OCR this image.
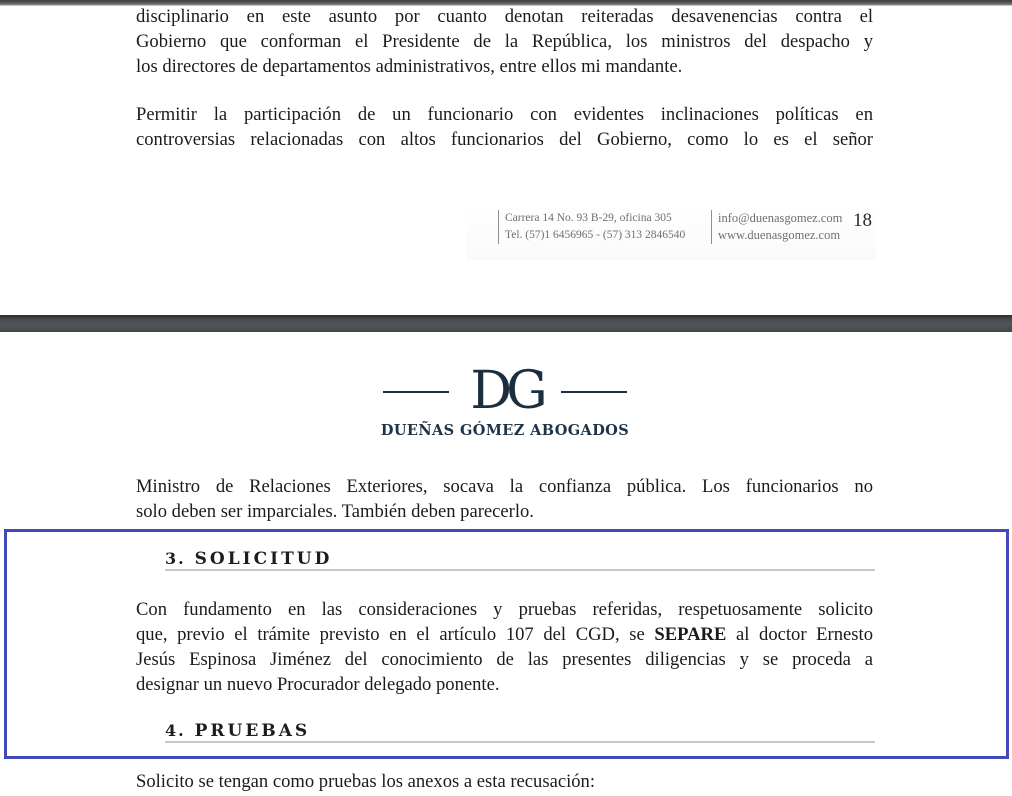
disciplinario en este asunto por cuanto denotan reiteradas desavenencias contra el
Gobierno que conforman el Presidente de la República, los ministros del despacho y
los directores de departamentos administrativos, entre ellos mi mandante.
Permitir la participación de un funcionario con evidentes inclinaciones políticas en
controversias relacionadas con altos funcionarios del Gobierno, como lo es el señor
Carrera 14 No. 93 B-29, oficina 305
Tel. (57)1 6456965 - (57) 313 2846540
info@duenasgomez.com
www.duenasgomez.com
18
DG
DUEÑAS GÓMEZ ABOGADOS
Ministro de Relaciones Exteriores, socava la confianza pública. Los funcionarios no
solo deben ser imparciales. También deben parecerlo.
3. SOLICITUD
Con fundamento en las consideraciones y pruebas referidas, respetuosamente solicito
que, previo el trámite previsto en el artículo 107 del CGD, se SEPARE al doctor Ernesto
Jesús Espinosa Jiménez del conocimiento de las presentes diligencias y se proceda a
designar un nuevo Procurador delegado ponente.
4. PRUEBAS
Solicito se tengan como pruebas los anexos a esta recusación:
